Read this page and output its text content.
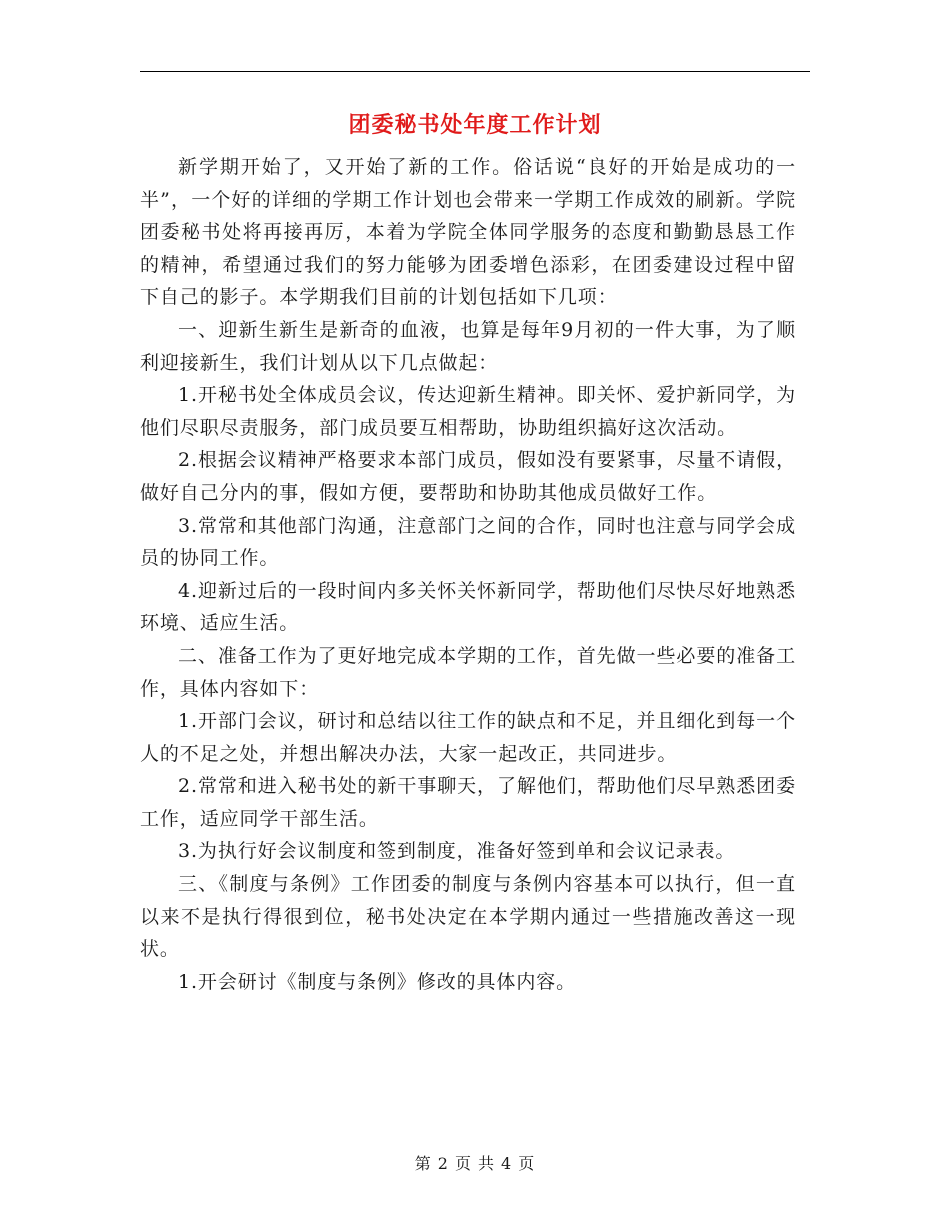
团委秘书处年度工作计划

新学期开始了，又开始了新的工作。俗话说“良好的开始是成功的一半”，一个好的详细的学期工作计划也会带来一学期工作成效的刷新。学院团委秘书处将再接再厉，本着为学院全体同学服务的态度和勤勤恳恳工作的精神，希望通过我们的努力能够为团委增色添彩，在团委建设过程中留下自己的影子。本学期我们目前的计划包括如下几项：

一、迎新生新生是新奇的血液，也算是每年9月初的一件大事，为了顺利迎接新生，我们计划从以下几点做起：

1.开秘书处全体成员会议，传达迎新生精神。即关怀、爱护新同学，为他们尽职尽责服务，部门成员要互相帮助，协助组织搞好这次活动。

2.根据会议精神严格要求本部门成员，假如没有要紧事，尽量不请假，做好自己分内的事，假如方便，要帮助和协助其他成员做好工作。

3.常常和其他部门沟通，注意部门之间的合作，同时也注意与同学会成员的协同工作。

4.迎新过后的一段时间内多关怀关怀新同学，帮助他们尽快尽好地熟悉环境、适应生活。

二、准备工作为了更好地完成本学期的工作，首先做一些必要的准备工作，具体内容如下：

1.开部门会议，研讨和总结以往工作的缺点和不足，并且细化到每一个人的不足之处，并想出解决办法，大家一起改正，共同进步。

2.常常和进入秘书处的新干事聊天，了解他们，帮助他们尽早熟悉团委工作，适应同学干部生活。

3.为执行好会议制度和签到制度，准备好签到单和会议记录表。

三、《制度与条例》工作团委的制度与条例内容基本可以执行，但一直以来不是执行得很到位，秘书处决定在本学期内通过一些措施改善这一现状。

1.开会研讨《制度与条例》修改的具体内容。

第 2 页 共 4 页
